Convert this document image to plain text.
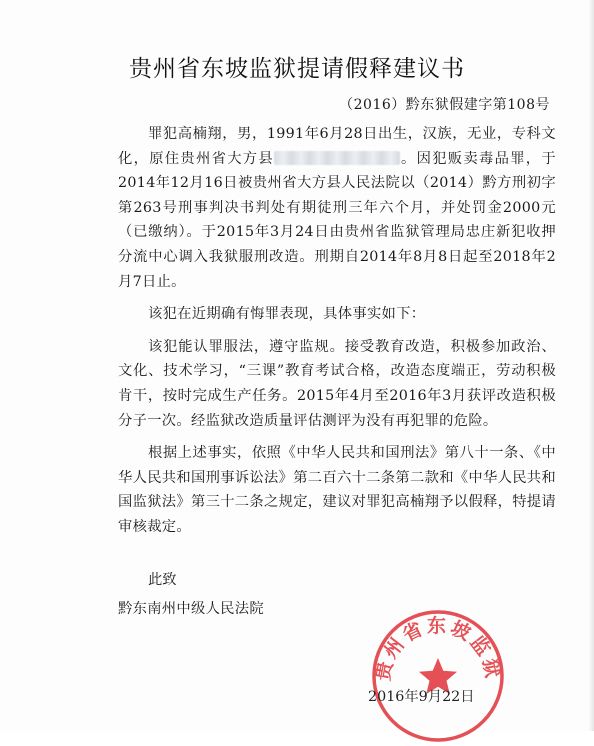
贵州省东坡监狱提请假释建议书
（2016）黔东狱假建字第108号

罪犯高楠翔，男，1991年6月28日出生，汉族，无业，专科文化，原住贵州省大方县	。因犯贩卖毒品罪，于2014年12月16日被贵州省大方县人民法院以（2014）黔方刑初字第263号刑事判决书判处有期徒刑三年六个月，并处罚金2000元（已缴纳）。于2015年3月24日由贵州省监狱管理局忠庄新犯收押分流中心调入我狱服刑改造。刑期自2014年8月8日起至2018年2月7日止。

该犯在近期确有悔罪表现，具体事实如下：

该犯能认罪服法，遵守监规。接受教育改造，积极参加政治、文化、技术学习，“三课”教育考试合格，改造态度端正，劳动积极肯干，按时完成生产任务。2015年4月至2016年3月获评改造积极分子一次。经监狱改造质量评估测评为没有再犯罪的危险。

根据上述事实，依照《中华人民共和国刑法》第八十一条、《中华人民共和国刑事诉讼法》第二百六十二条第二款和《中华人民共和国监狱法》第三十二条之规定，建议对罪犯高楠翔予以假释，特提请审核裁定。

此致
黔东南州中级人民法院
贵州省东坡监狱
2016年9月22日
